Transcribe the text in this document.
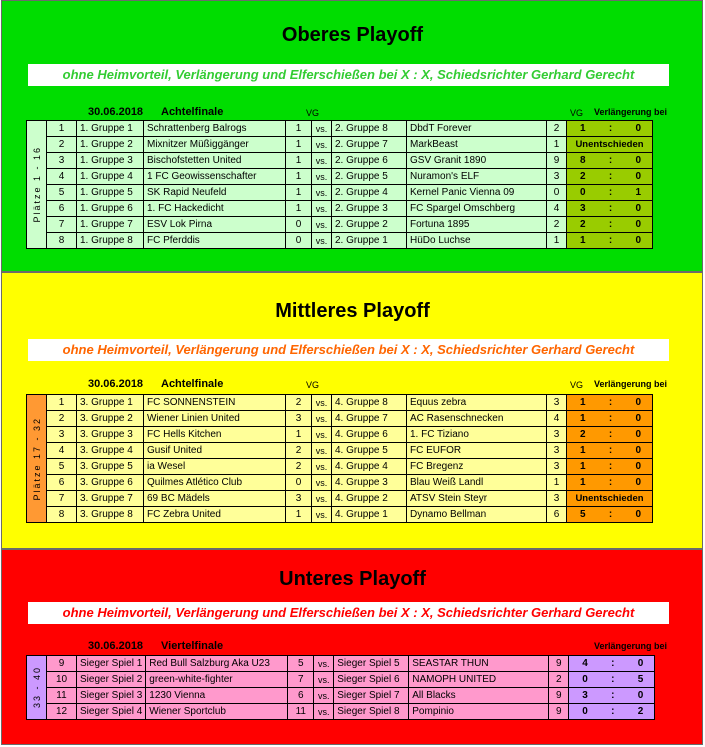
Oberes Playoff
ohne Heimvorteil, Verlängerung und Elferschießen bei X : X, Schiedsrichter Gerhard Gerecht
30.06.2018 Achtelfinale	VG	VG Verlängerung bei
Plätze 1 - 16	1	1. Gruppe 1	Schrattenberg Balrogs	1	vs.	2. Gruppe 8	DbdT Forever	2	1 : 0

	2	1. Gruppe 2	Mixnitzer Müßiggänger	1	vs.	2. Gruppe 7	MarkBeast	1	Unentschieden
	3	1. Gruppe 3	Bischofstetten United	1	vs.	2. Gruppe 6	GSV Granit 1890	9	8 : 0

	4	1. Gruppe 4	1 FC Geowissenschafter	1	vs.	2. Gruppe 5	Nuramon's ELF	3	2 : 0

	5	1. Gruppe 5	SK Rapid Neufeld	1	vs.	2. Gruppe 4	Kernel Panic Vienna 09	0	0 : 1

	6	1. Gruppe 6	1. FC Hackedicht	1	vs.	2. Gruppe 3	FC Spargel Omschberg	4	3 : 0

	7	1. Gruppe 7	ESV Lok Pirna	0	vs.	2. Gruppe 2	Fortuna 1895	2	2 : 0

	8	1. Gruppe 8	FC Pferddis	0	vs.	2. Gruppe 1	HüDo Luchse	1	1 : 0
Mittleres Playoff
ohne Heimvorteil, Verlängerung und Elferschießen bei X : X, Schiedsrichter Gerhard Gerecht
30.06.2018 Achtelfinale	VG	VG Verlängerung bei
Plätze 17 - 32	1	3. Gruppe 1	FC SONNENSTEIN	2	vs.	4. Gruppe 8	Equus zebra	3	1 : 0

	2	3. Gruppe 2	Wiener Linien United	3	vs.	4. Gruppe 7	AC Rasenschnecken	4	1 : 0

	3	3. Gruppe 3	FC Hells Kitchen	1	vs.	4. Gruppe 6	1. FC Tiziano	3	2 : 0

	4	3. Gruppe 4	Gusif United	2	vs.	4. Gruppe 5	FC EUFOR	3	1 : 0

	5	3. Gruppe 5	ia Wesel	2	vs.	4. Gruppe 4	FC Bregenz	3	1 : 0

	6	3. Gruppe 6	Quilmes Atlético Club	0	vs.	4. Gruppe 3	Blau Weiß Landl	1	1 : 0

	7	3. Gruppe 7	69 BC Mädels	3	vs.	4. Gruppe 2	ATSV Stein Steyr	3	Unentschieden
	8	3. Gruppe 8	FC Zebra United	1	vs.	4. Gruppe 1	Dynamo Bellman	6	5 : 0
Unteres Playoff
ohne Heimvorteil, Verlängerung und Elferschießen bei X : X, Schiedsrichter Gerhard Gerecht
30.06.2018 Viertelfinale	Verlängerung bei
33 - 40	9	Sieger Spiel 1	Red Bull Salzburg Aka U23	5	vs.	Sieger Spiel 5	SEASTAR THUN	9	4 : 0

	10	Sieger Spiel 2	green-white-fighter	7	vs.	Sieger Spiel 6	NAMOPH UNITED	2	0 : 5

	11	Sieger Spiel 3	1230 Vienna	6	vs.	Sieger Spiel 7	All Blacks	9	3 : 0

	12	Sieger Spiel 4	Wiener Sportclub	11	vs.	Sieger Spiel 8	Pompinio	9	0 : 2
